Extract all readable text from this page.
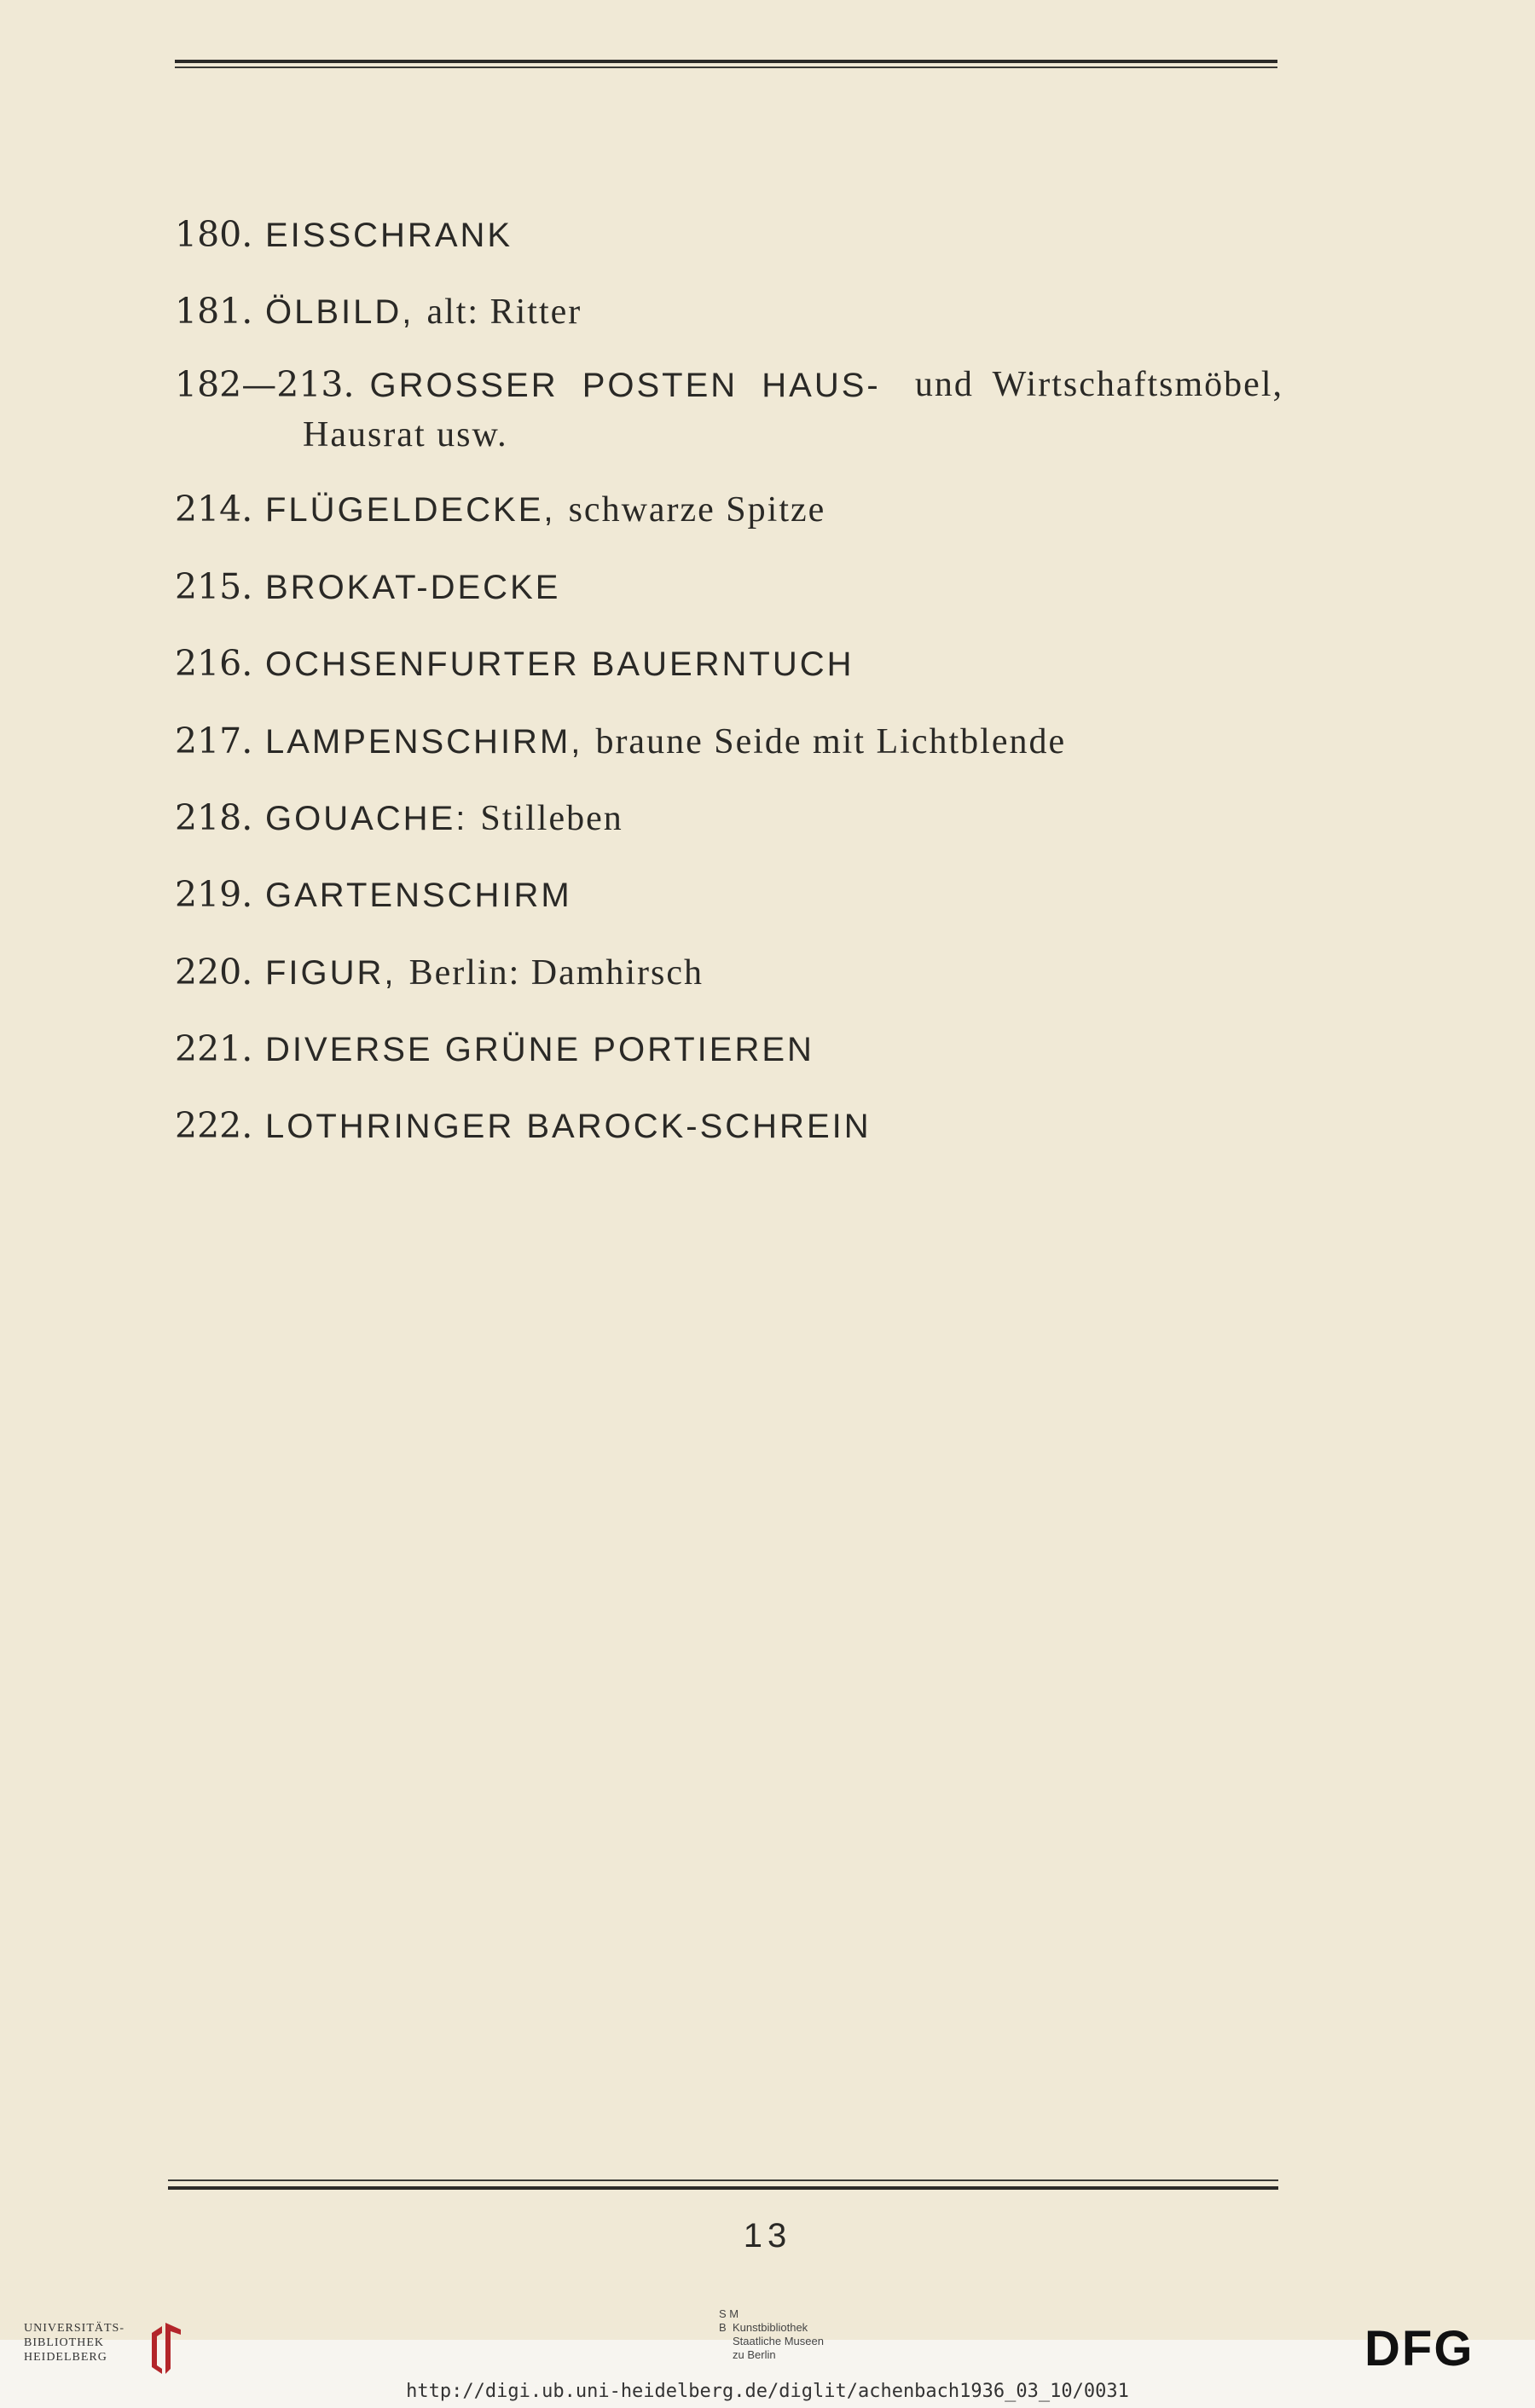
180. EISSCHRANK
181. ÖLBILD, alt: Ritter
182—213. GROSSER POSTEN HAUS- und Wirtschaftsmöbel,
Hausrat usw.
214. FLÜGELDECKE, schwarze Spitze
215. BROKAT-DECKE
216. OCHSENFURTER BAUERNTUCH
217. LAMPENSCHIRM, braune Seide mit Lichtblende
218. GOUACHE: Stilleben
219. GARTENSCHIRM
220. FIGUR, Berlin: Damhirsch
221. DIVERSE GRÜNE PORTIEREN
222. LOTHRINGER BAROCK-SCHREIN
13
UNIVERSITÄTS-
BIBLIOTHEK
HEIDELBERG
S M
B Kunstbibliothek
Staatliche Museen
zu Berlin	DFG
http://digi.ub.uni-heidelberg.de/diglit/achenbach1936_03_10/0031
